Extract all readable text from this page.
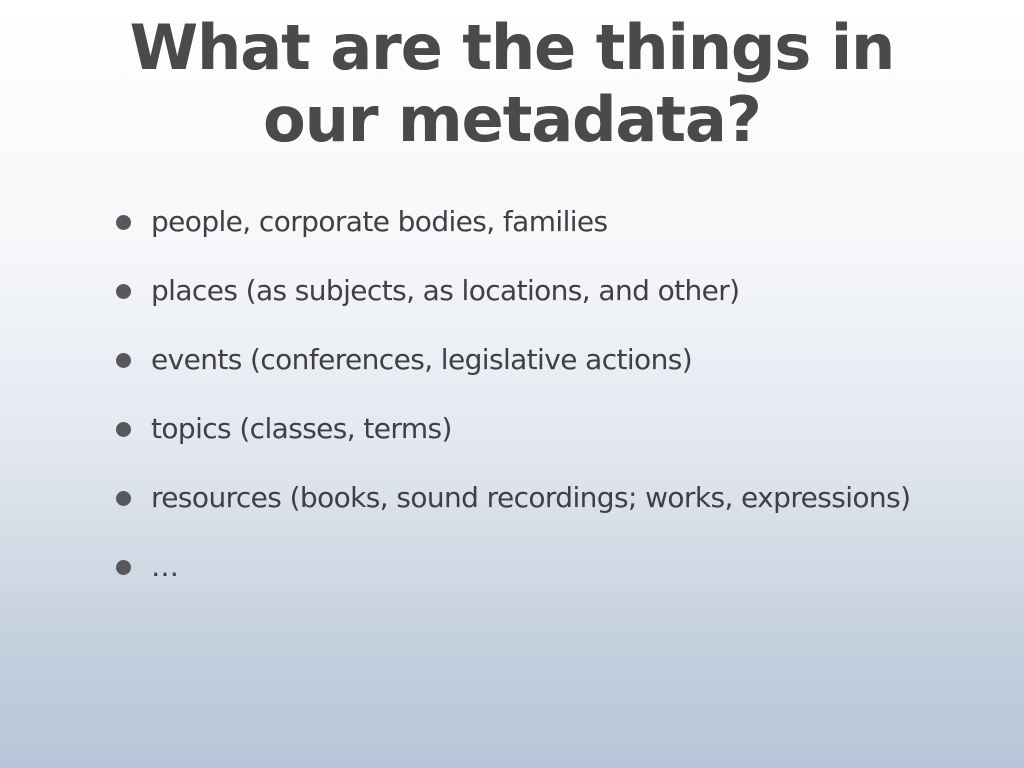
What are the things in our metadata?
people, corporate bodies, families
places (as subjects, as locations, and other)
events (conferences, legislative actions)
topics (classes, terms)
resources (books, sound recordings; works, expressions)
…
